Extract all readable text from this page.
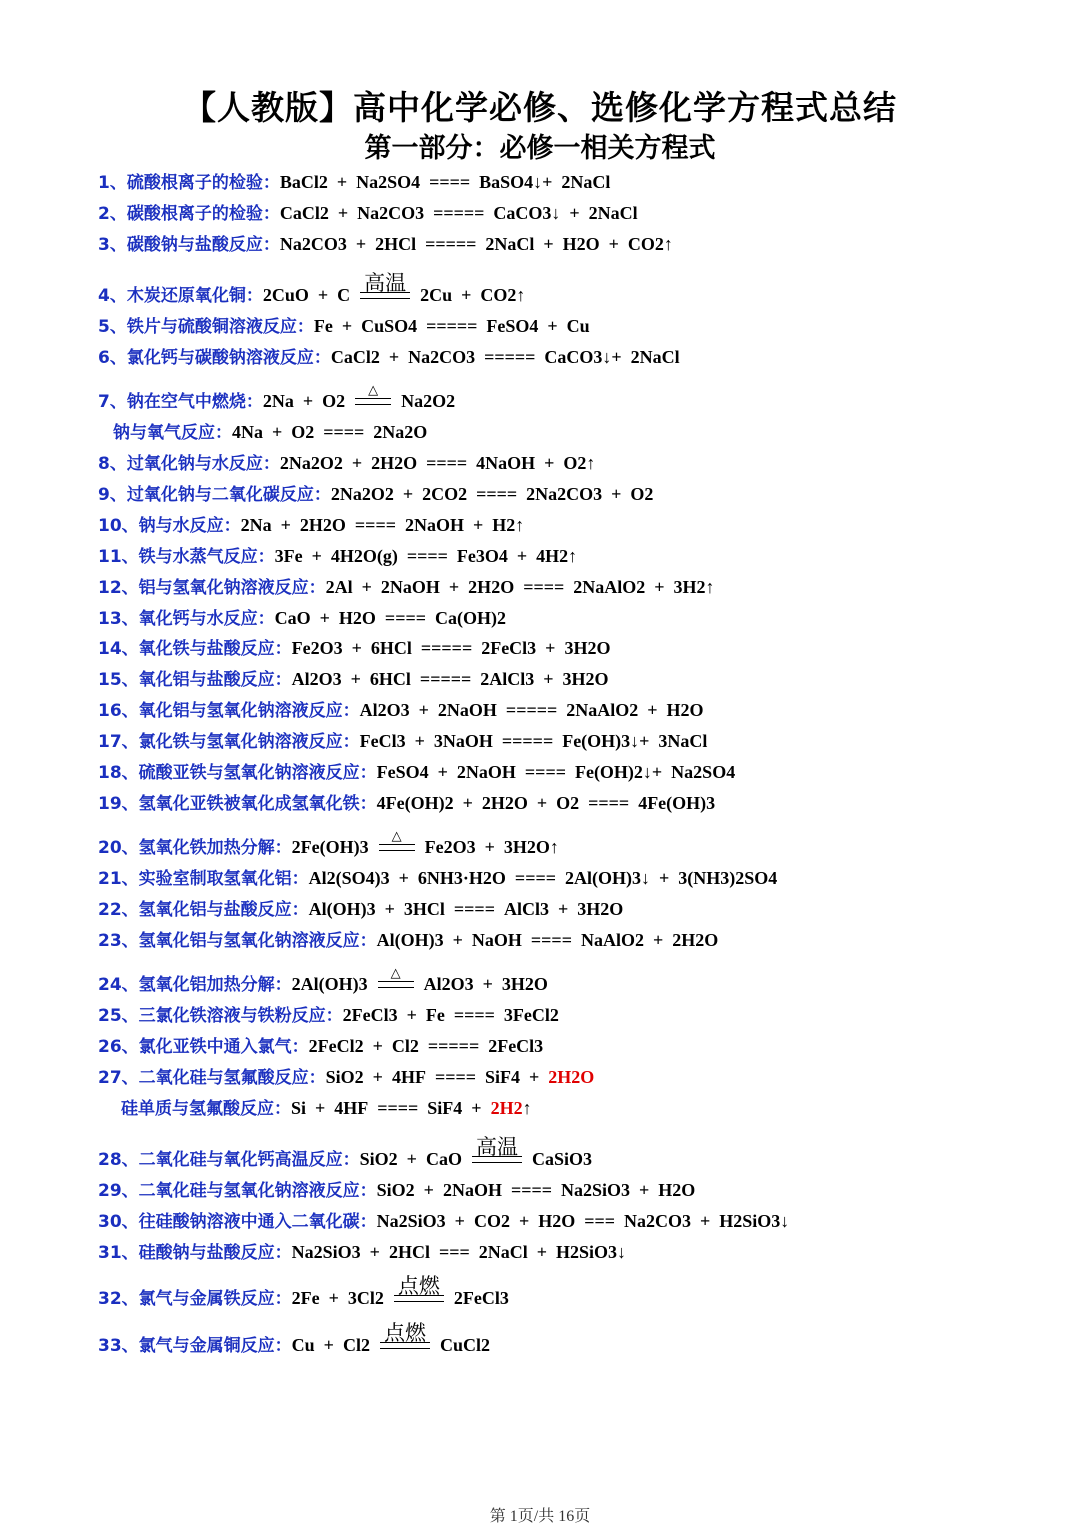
【人教版】高中化学必修、选修化学方程式总结
第一部分：必修一相关方程式
1、硫酸根离子的检验：BaCl2  +  Na2SO4  ====  BaSO4↓+  2NaCl
2、碳酸根离子的检验：CaCl2  +  Na2CO3  =====  CaCO3↓  +  2NaCl
3、碳酸钠与盐酸反应：Na2CO3  +  2HCl  =====  2NaCl  +  H2O  +  CO2↑
4、木炭还原氧化铜：2CuO  +  C 高温 2Cu  +  CO2↑
5、铁片与硫酸铜溶液反应：Fe  +  CuSO4  =====  FeSO4  +  Cu
6、氯化钙与碳酸钠溶液反应：CaCl2  +  Na2CO3  =====  CaCO3↓+  2NaCl
7、钠在空气中燃烧：2Na  +  O2
△
Na2O2
钠与氧气反应：4Na  +  O2  ====  2Na2O
8、过氧化钠与水反应：2Na2O2  +  2H2O  ====  4NaOH  +  O2↑
9、过氧化钠与二氧化碳反应：2Na2O2  +  2CO2  ====  2Na2CO3  +  O2
10、钠与水反应：2Na  +  2H2O  ====  2NaOH  +  H2↑
11、铁与水蒸气反应：3Fe  +  4H2O(g)  ====  Fe3O4  +  4H2↑
12、铝与氢氧化钠溶液反应：2Al  +  2NaOH  +  2H2O  ====  2NaAlO2  +  3H2↑
13、氧化钙与水反应：CaO  +  H2O  ====  Ca(OH)2
14、氧化铁与盐酸反应：Fe2O3  +  6HCl  =====  2FeCl3  +  3H2O
15、氧化铝与盐酸反应：Al2O3  +  6HCl  =====  2AlCl3  +  3H2O
16、氧化铝与氢氧化钠溶液反应：Al2O3  +  2NaOH  =====  2NaAlO2  +  H2O
17、氯化铁与氢氧化钠溶液反应：FeCl3  +  3NaOH  =====  Fe(OH)3↓+  3NaCl
18、硫酸亚铁与氢氧化钠溶液反应：FeSO4  +  2NaOH  ====  Fe(OH)2↓+  Na2SO4
19、氢氧化亚铁被氧化成氢氧化铁：4Fe(OH)2  +  2H2O  +  O2  ====  4Fe(OH)3
20、氢氧化铁加热分解：2Fe(OH)3
△
Fe2O3  +  3H2O↑
21、实验室制取氢氧化铝：Al2(SO4)3  +  6NH3·H2O  ====  2Al(OH)3↓  +  3(NH3)2SO4
22、氢氧化铝与盐酸反应：Al(OH)3  +  3HCl  ====  AlCl3  +  3H2O
23、氢氧化铝与氢氧化钠溶液反应：Al(OH)3  +  NaOH  ====  NaAlO2  +  2H2O
24、氢氧化铝加热分解：2Al(OH)3
△
Al2O3  +  3H2O
25、三氯化铁溶液与铁粉反应：2FeCl3  +  Fe  ====  3FeCl2
26、氯化亚铁中通入氯气：2FeCl2  +  Cl2  =====  2FeCl3
27、二氧化硅与氢氟酸反应：SiO2  +  4HF  ====  SiF4  +  2H2O
硅单质与氢氟酸反应：Si  +  4HF  ====  SiF4  +  2H2↑
28、二氧化硅与氧化钙高温反应：SiO2  +  CaO 高温 CaSiO3
29、二氧化硅与氢氧化钠溶液反应：SiO2  +  2NaOH  ====  Na2SiO3  +  H2O
30、往硅酸钠溶液中通入二氧化碳：Na2SiO3  +  CO2  +  H2O  ===  Na2CO3  +  H2SiO3↓
31、硅酸钠与盐酸反应：Na2SiO3  +  2HCl  ===  2NaCl  +  H2SiO3↓
32、氯气与金属铁反应：2Fe  +  3Cl2 点燃 2FeCl3
33、氯气与金属铜反应：Cu  +  Cl2 点燃 CuCl2
第 1页/共 16页
